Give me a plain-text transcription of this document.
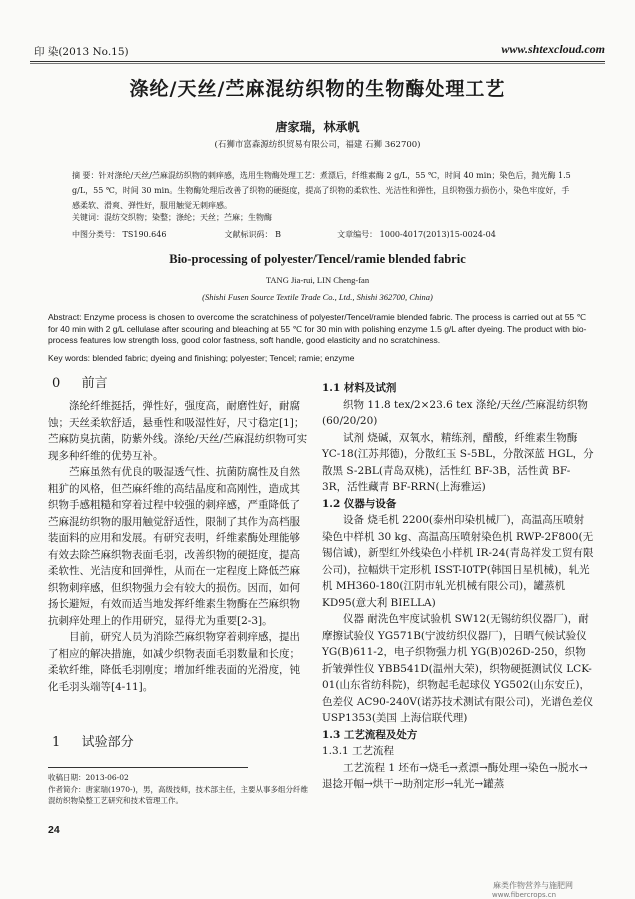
印 染(2013 No.15)	www.shtexcloud.com
涤纶/天丝/苎麻混纺织物的生物酶处理工艺
唐家瑞，林承帆
(石狮市富森源纺织贸易有限公司，福建 石狮 362700)
摘 要：针对涤纶/天丝/苎麻混纺织物的刺痒感，选用生物酶处理工艺：煮漂后，纤维素酶 2 g/L，55 ℃，时间 40 min；染色后，抛光酶 1.5 g/L，55 ℃，时间 30 min。生物酶处理后改善了织物的硬挺度，提高了织物的柔软性、光洁性和弹性，且织物强力损伤小，染色牢度好，手感柔软、滑爽、弹性好，服用触觉无刺痒感。
关键词：混纺交织物；染整；涤纶；天丝；苎麻；生物酶
中图分类号： TS190.646	文献标识码： B	文章编号： 1000-4017(2013)15-0024-04
Bio-processing of polyester/Tencel/ramie blended fabric
TANG Jia-rui, LIN Cheng-fan
(Shishi Fusen Source Textile Trade Co., Ltd., Shishi 362700, China)
Abstract: Enzyme process is chosen to overcome the scratchiness of polyester/Tencel/ramie blended fabric. The process is carried out at 55 ℃ for 40 min with 2 g/L cellulase after scouring and bleaching at 55 ℃ for 30 min with polishing enzyme 1.5 g/L after dyeing. The product with bio-process features low strength loss, good color fastness, soft handle, good elasticity and no scratchiness.
Key words: blended fabric; dyeing and finishing; polyester; Tencel; ramie; enzyme
0 前言

涤纶纤维挺括，弹性好，强度高，耐磨性好，耐腐蚀；天丝柔软舒适，悬垂性和吸湿性好，尺寸稳定[1]；苎麻防臭抗菌，防紫外线。涤纶/天丝/苎麻混纺织物可实现多种纤维的优势互补。

苎麻虽然有优良的吸湿透气性、抗菌防腐性及自然粗犷的风格，但苎麻纤维的高结晶度和高刚性，造成其织物手感粗糙和穿着过程中较强的刺痒感，严重降低了苎麻混纺织物的服用触觉舒适性，限制了其作为高档服装面料的应用和发展。有研究表明，纤维素酶处理能够有效去除苎麻织物表面毛羽，改善织物的硬挺度，提高柔软性、光洁度和回弹性，从而在一定程度上降低苎麻织物刺痒感，但织物强力会有较大的损伤。因而，如何扬长避短，有效而适当地发挥纤维素生物酶在苎麻织物抗刺痒处理上的作用研究，显得尤为重要[2-3]。

目前，研究人员为消除苎麻织物穿着刺痒感，提出了相应的解决措施，如减少织物表面毛羽数量和长度；柔软纤维，降低毛羽刚度；增加纤维表面的光滑度，钝化毛羽头端等[4-11]。

1 试验部分
收稿日期：2013-06-02
作者简介：唐家瑞(1970-)，男，高级技师，技术部主任，主要从事多组分纤维混纺织物染整工艺研究和技术管理工作。
1.1 材料及试剂

织物 11.8 tex/2×23.6 tex 涤纶/天丝/苎麻混纺织物(60/20/20)

试剂 烧碱，双氧水，精练剂，醋酸，纤维素生物酶 YC-18(江苏邦德)，分散红玉 S-5BL，分散深蓝 HGL，分散黑 S-2BL(青岛双桃)，活性红 BF-3B，活性黄 BF-3R，活性藏青 BF-RRN(上海雅运)

1.2 仪器与设备

设备 烧毛机 2200(泰州印染机械厂)，高温高压喷射染色中样机 30 kg、高温高压喷射染色机 RWP-2F800(无锡信诚)，新型红外线染色小样机 IR-24(青岛祥发工贸有限公司)，拉幅烘干定形机 ISST-I0TP(韩国日星机械)，轧光机 MH360-180(江阴市轧光机械有限公司)，罐蒸机 KD95(意大利 BIELLA)

仪器 耐洗色牢度试验机 SW12(无锡纺织仪器厂)，耐摩擦试验仪 YG571B(宁波纺织仪器厂)，日晒气候试验仪 YG(B)611-2，电子织物强力机 YG(B)026D-250，织物折皱弹性仪 YBB541D(温州大荣)，织物硬挺测试仪 LCK-01(山东省纺科院)，织物起毛起球仪 YG502(山东安丘)，色差仪 AC90-240V(诺苏技术测试有限公司)，光谱色差仪 USP1353(美国 上海信联代理)

1.3 工艺流程及处方
1.3.1 工艺流程

工艺流程 1 坯布→烧毛→煮漂→酶处理→染色→脱水→退捻开幅→烘干→助剂定形→轧光→罐蒸

24
麻类作物营养与施肥网
www.fibercrops.cn
